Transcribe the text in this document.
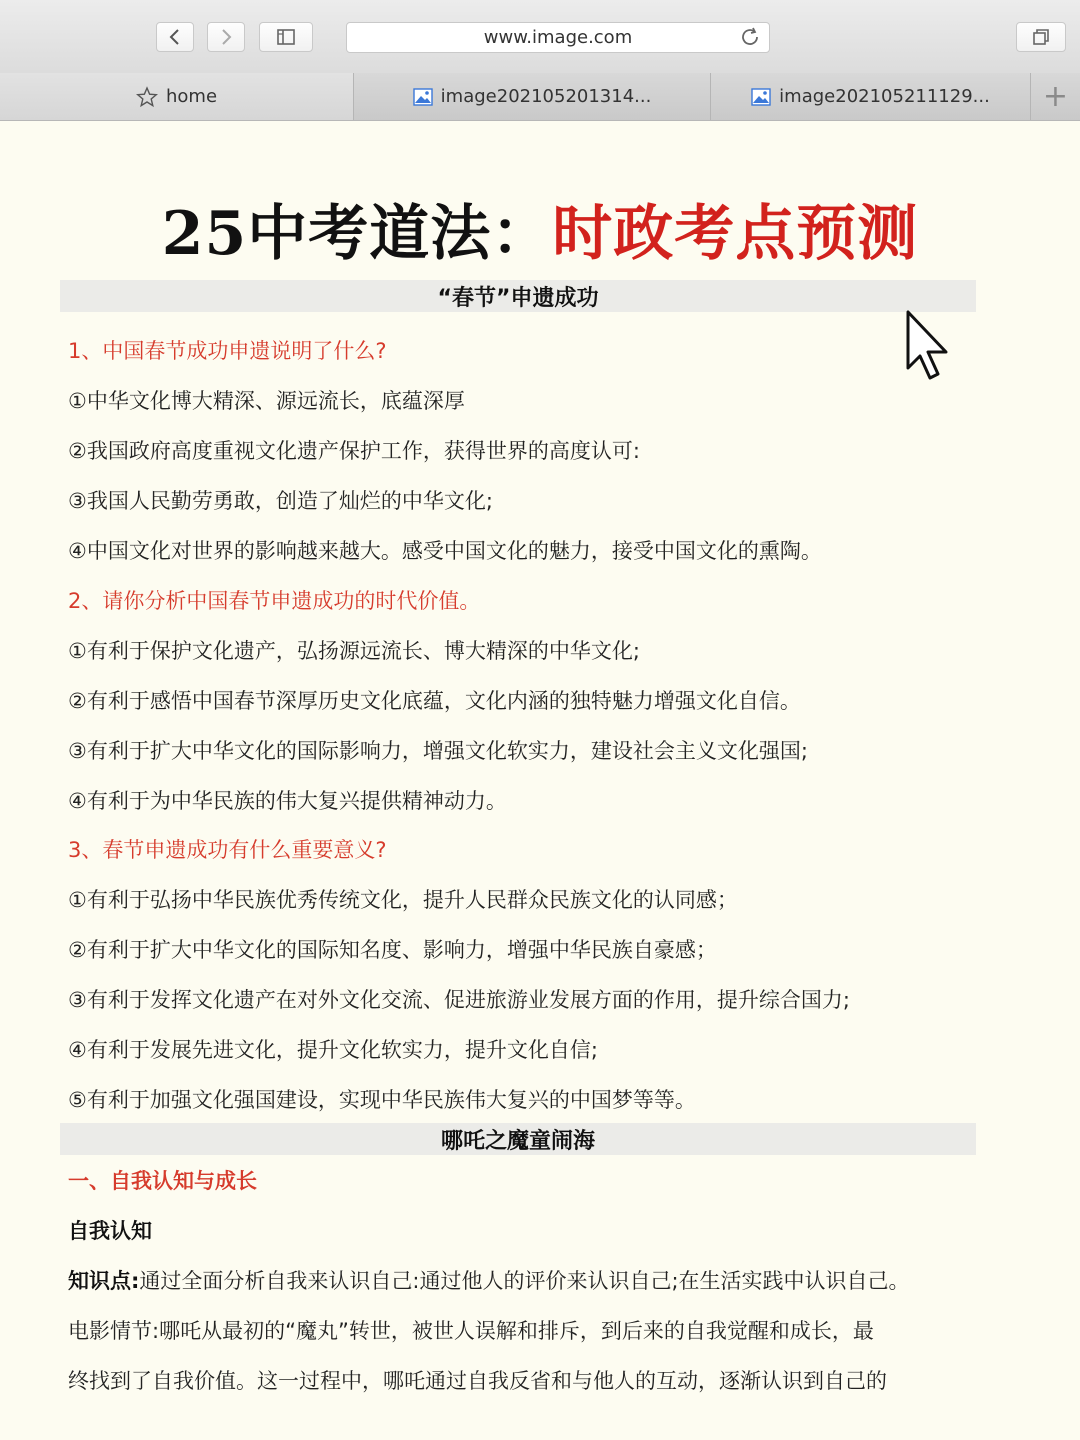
www.image.com
home	image202105201314...	image202105211129... +
25中考道法：时政考点预测
“春节”申遗成功
1、中国春节成功申遗说明了什么?
①中华文化博大精深、源远流长，底蕴深厚
②我国政府高度重视文化遗产保护工作，获得世界的高度认可:
③我国人民勤劳勇敢，创造了灿烂的中华文化;
④中国文化对世界的影响越来越大。感受中国文化的魅力，接受中国文化的熏陶。
2、请你分析中国春节申遗成功的时代价值。
①有利于保护文化遗产，弘扬源远流长、博大精深的中华文化;
②有利于感悟中国春节深厚历史文化底蕴，文化内涵的独特魅力增强文化自信。
③有利于扩大中华文化的国际影响力，增强文化软实力，建设社会主义文化强国;
④有利于为中华民族的伟大复兴提供精神动力。
3、春节申遗成功有什么重要意义?
①有利于弘扬中华民族优秀传统文化，提升人民群众民族文化的认同感；
②有利于扩大中华文化的国际知名度、影响力，增强中华民族自豪感；
③有利于发挥文化遗产在对外文化交流、促进旅游业发展方面的作用，提升综合国力;
④有利于发展先进文化，提升文化软实力，提升文化自信;
⑤有利于加强文化强国建设，实现中华民族伟大复兴的中国梦等等。
哪吒之魔童闹海
一、自我认知与成长
自我认知
知识点:通过全面分析自我来认识自己:通过他人的评价来认识自己;在生活实践中认识自己。
电影情节:哪吒从最初的“魔丸”转世，被世人误解和排斥，到后来的自我觉醒和成长，最
终找到了自我价值。这一过程中，哪吒通过自我反省和与他人的互动，逐渐认识到自己的
